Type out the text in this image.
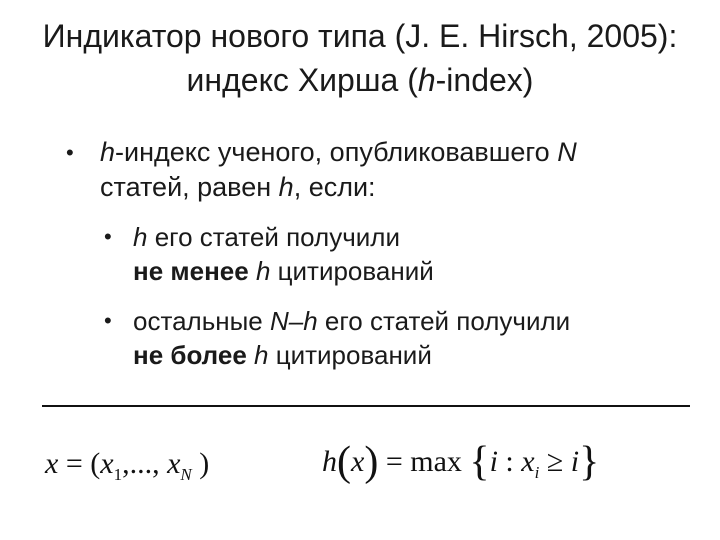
Индикатор нового типа (J. E. Hirsch, 2005):
индекс Хирша (h-index)
• h-индекс ученого, опубликовавшего N
статей, равен h, если:
• h его статей получили
не менее h цитирований
• остальные N–h его статей получили
не более h цитирований
$x = (x_1$,..., $x_N$ )	h(x) = max {i : $x_i \ge i$}
